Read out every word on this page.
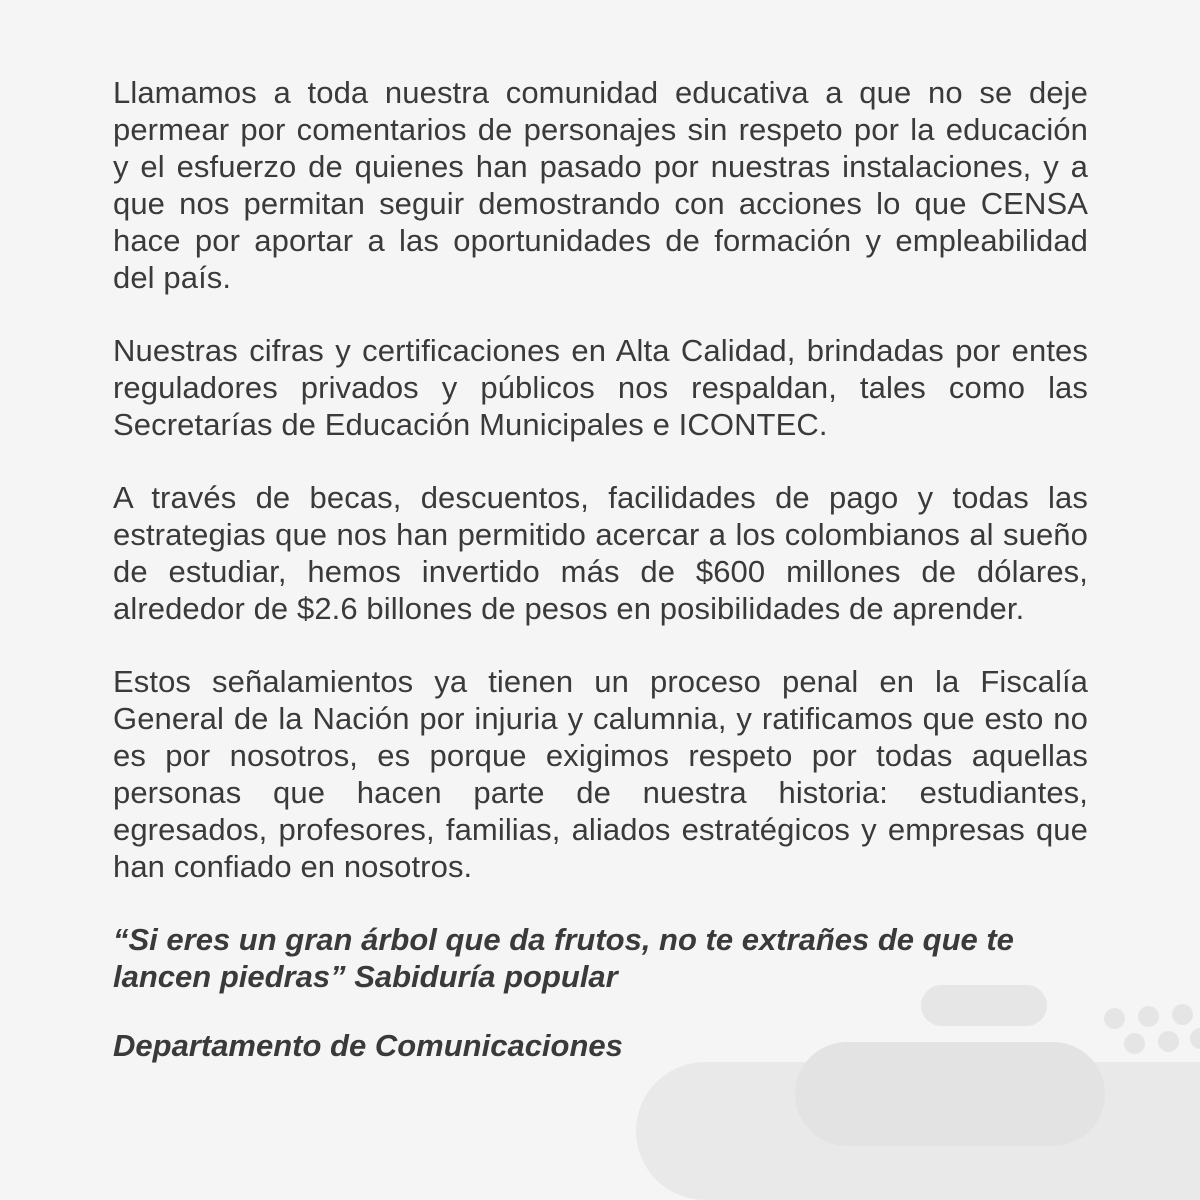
Llamamos a toda nuestra comunidad educativa a que no se deje permear por comentarios de personajes sin respeto por la educación y el esfuerzo de quienes han pasado por nuestras instalaciones, y a que nos permitan seguir demostrando con acciones lo que CENSA hace por aportar a las oportunidades de formación y empleabilidad del país.

Nuestras cifras y certificaciones en Alta Calidad, brindadas por entes reguladores privados y públicos nos respaldan, tales como las Secretarías de Educación Municipales e ICONTEC.

A través de becas, descuentos, facilidades de pago y todas las estrategias que nos han permitido acercar a los colombianos al sueño de estudiar, hemos invertido más de $600 millones de dólares, alrededor de $2.6 billones de pesos en posibilidades de aprender.

Estos señalamientos ya tienen un proceso penal en la Fiscalía General de la Nación por injuria y calumnia, y ratificamos que esto no es por nosotros, es porque exigimos respeto por todas aquellas personas que hacen parte de nuestra historia: estudiantes, egresados, profesores, familias, aliados estratégicos y empresas que han confiado en nosotros.

“Si eres un gran árbol que da frutos, no te extrañes de que te lancen piedras” Sabiduría popular

Departamento de Comunicaciones
